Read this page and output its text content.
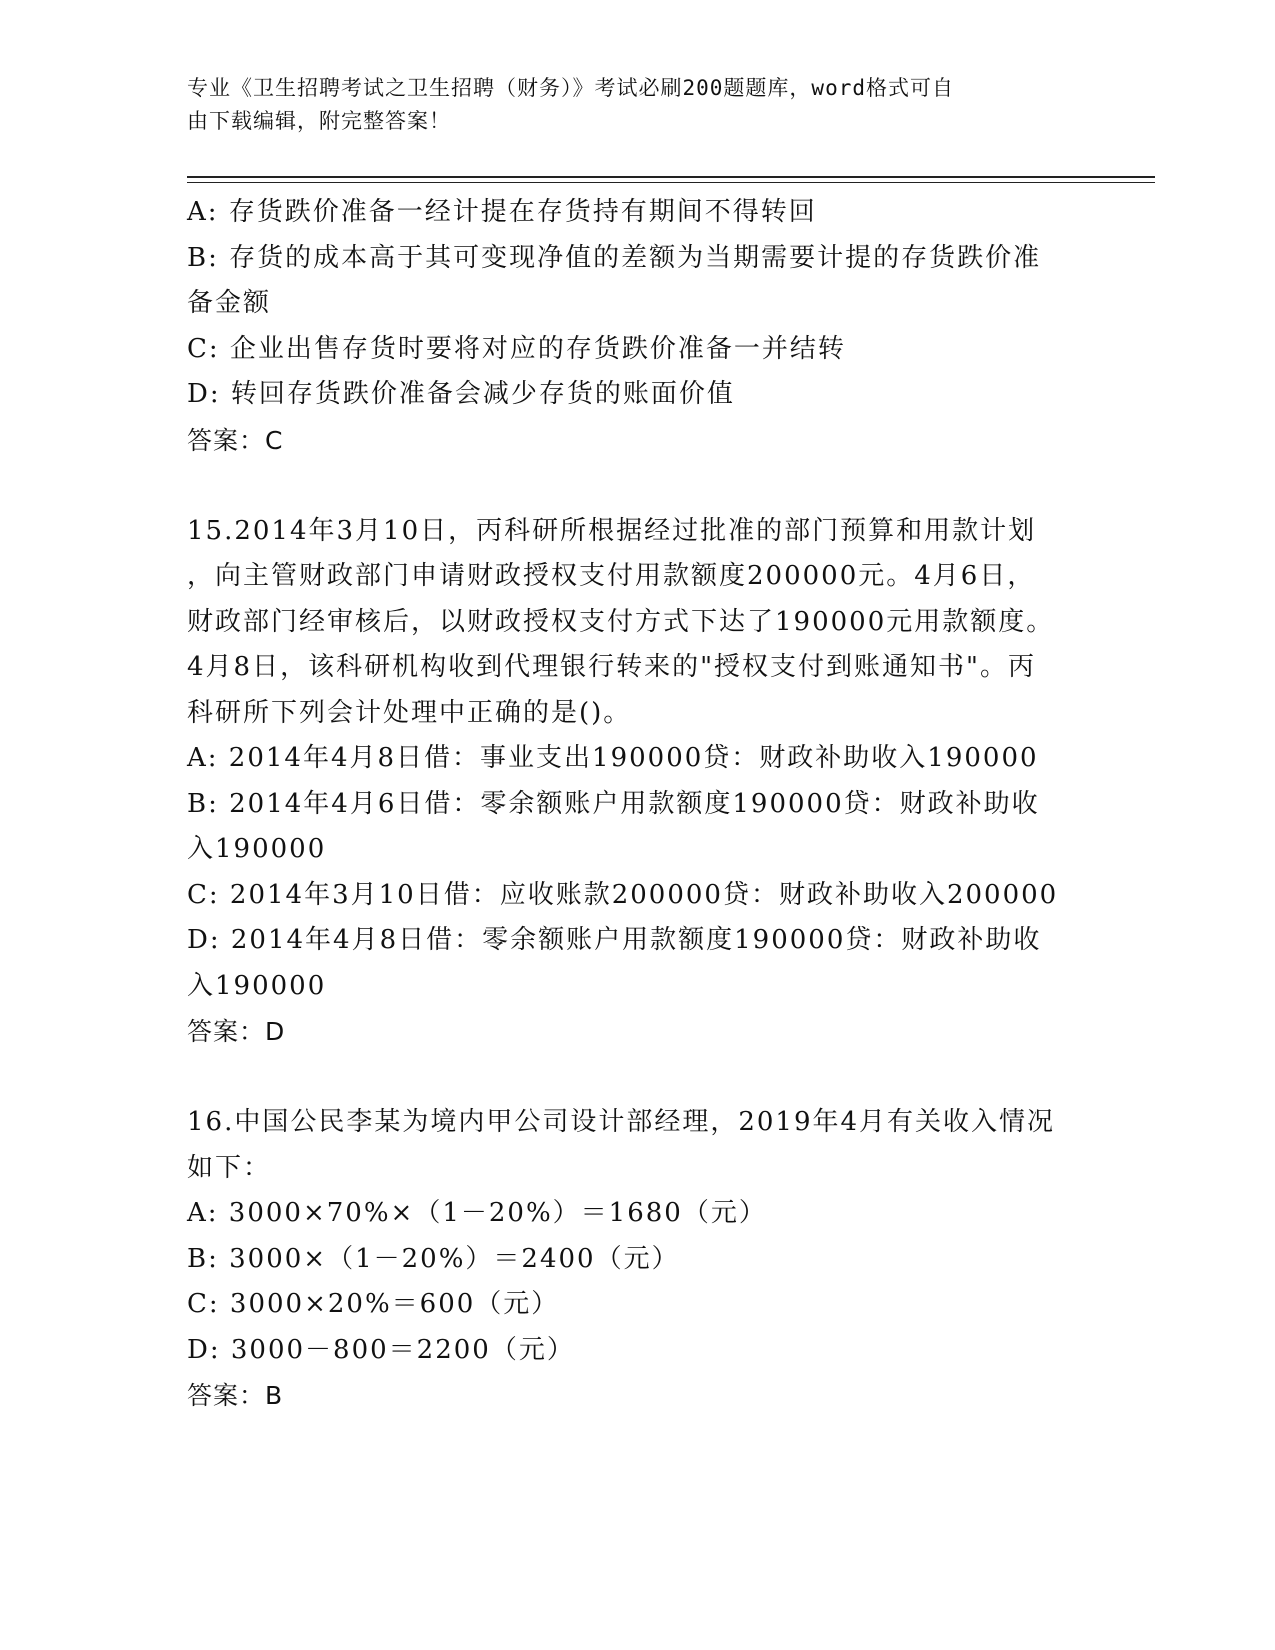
专业《卫生招聘考试之卫生招聘（财务）》考试必刷200题题库，word格式可自
由下载编辑，附完整答案！
A: 存货跌价准备一经计提在存货持有期间不得转回
B: 存货的成本高于其可变现净值的差额为当期需要计提的存货跌价准
备金额
C: 企业出售存货时要将对应的存货跌价准备一并结转
D: 转回存货跌价准备会减少存货的账面价值
答案：C
15.2014年3月10日，丙科研所根据经过批准的部门预算和用款计划
，向主管财政部门申请财政授权支付用款额度200000元。4月6日，
财政部门经审核后，以财政授权支付方式下达了190000元用款额度。
4月8日，该科研机构收到代理银行转来的"授权支付到账通知书"。丙
科研所下列会计处理中正确的是()。
A: 2014年4月8日借：事业支出190000贷：财政补助收入190000
B: 2014年4月6日借：零余额账户用款额度190000贷：财政补助收
入190000
C: 2014年3月10日借：应收账款200000贷：财政补助收入200000
D: 2014年4月8日借：零余额账户用款额度190000贷：财政补助收
入190000
答案：D
16.中国公民李某为境内甲公司设计部经理，2019年4月有关收入情况
如下：
A: 3000×70%×（1－20%）＝1680（元）
B: 3000×（1－20%）＝2400（元）
C: 3000×20%＝600（元）
D: 3000－800＝2200（元）
答案：B
